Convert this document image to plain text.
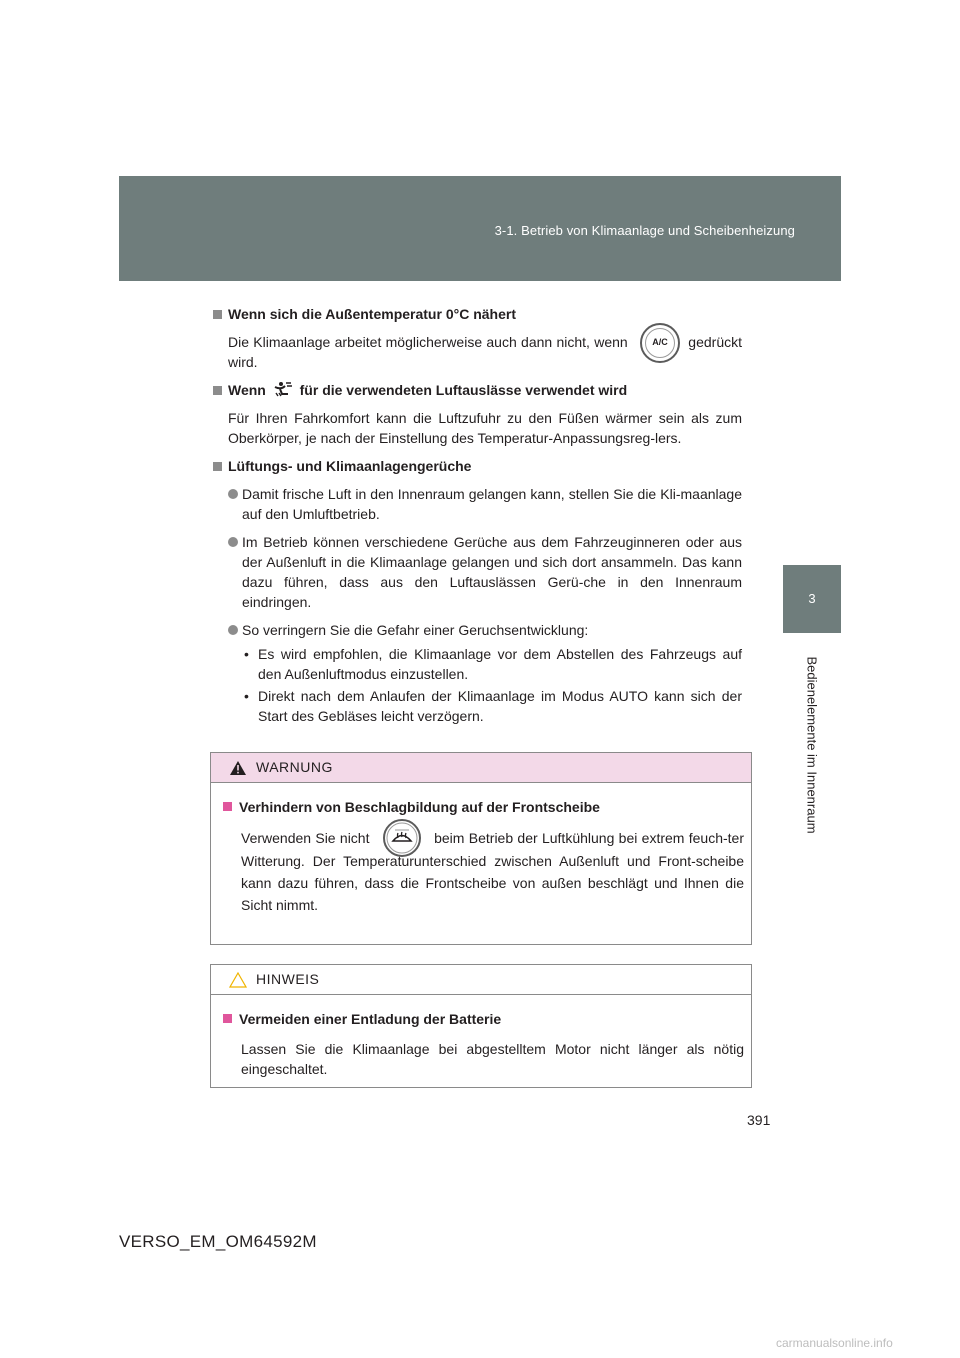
3-1. Betrieb von Klimaanlage und Scheibenheizung
3
Bedienelemente im Innenraum

Wenn sich die Außentemperatur 0°C nähert

Die Klimaanlage arbeitet möglicherweise auch dann nicht, wenn	A/C	gedrückt wird.

Wenn für die verwendeten Luftauslässe verwendet wird

Für Ihren Fahrkomfort kann die Luftzufuhr zu den Füßen wärmer sein als zum Oberkörper, je nach der Einstellung des Temperatur-Anpassungsreg-lers.

Lüftungs- und Klimaanlagengerüche

Damit frische Luft in den Innenraum gelangen kann, stellen Sie die Kli-maanlage auf den Umluftbetrieb.

Im Betrieb können verschiedene Gerüche aus dem Fahrzeuginneren oder aus der Außenluft in die Klimaanlage gelangen und sich dort ansammeln. Das kann dazu führen, dass aus den Luftauslässen Gerü-che in den Innenraum eindringen.

So verringern Sie die Gefahr einer Geruchsentwicklung:

• Es wird empfohlen, die Klimaanlage vor dem Abstellen des Fahrzeugs auf den Außenluftmodus einzustellen.

• Direkt nach dem Anlaufen der Klimaanlage im Modus AUTO kann sich der Start des Gebläses leicht verzögern.

WARNUNG

Verhindern von Beschlagbildung auf der Frontscheibe

Verwenden Sie nicht	beim Betrieb der Luftkühlung bei extrem feuch-ter Witterung. Der Temperaturunterschied zwischen Außenluft und Front-scheibe kann dazu führen, dass die Frontscheibe von außen beschlägt und Ihnen die Sicht nimmt.

HINWEIS

Vermeiden einer Entladung der Batterie

Lassen Sie die Klimaanlage bei abgestelltem Motor nicht länger als nötig eingeschaltet.

391
VERSO_EM_OM64592M
carmanualsonline.info
